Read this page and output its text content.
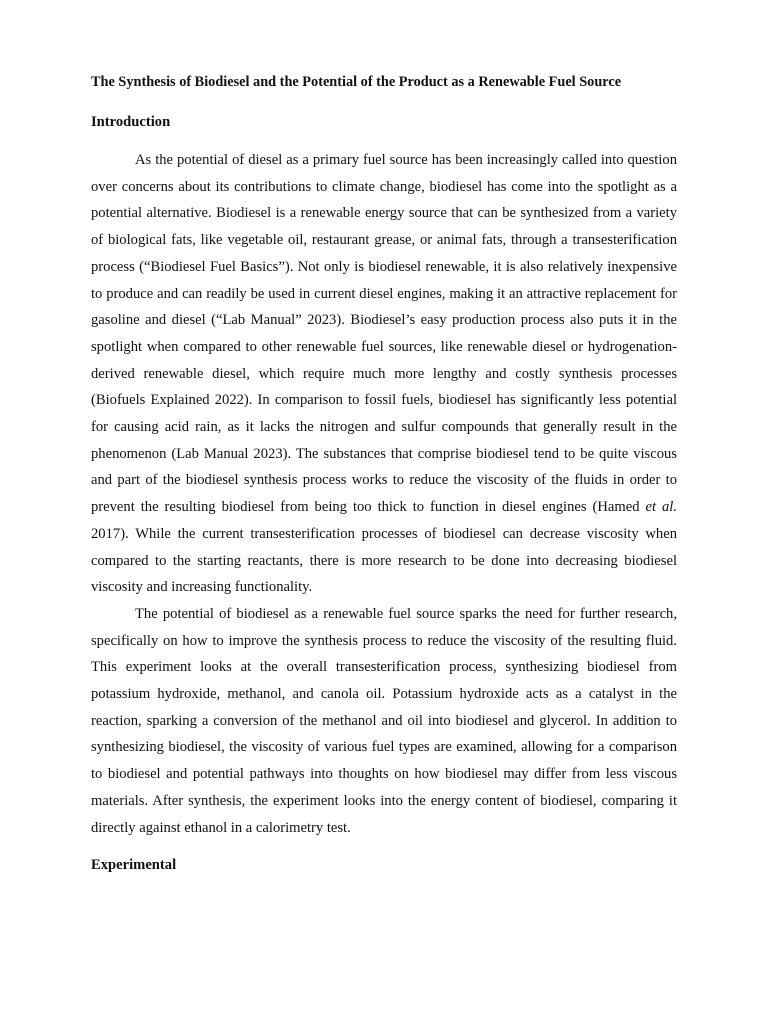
The Synthesis of Biodiesel and the Potential of the Product as a Renewable Fuel Source

Introduction

As the potential of diesel as a primary fuel source has been increasingly called into question over concerns about its contributions to climate change, biodiesel has come into the spotlight as a potential alternative. Biodiesel is a renewable energy source that can be synthesized from a variety of biological fats, like vegetable oil, restaurant grease, or animal fats, through a transesterification process (“Biodiesel Fuel Basics”). Not only is biodiesel renewable, it is also relatively inexpensive to produce and can readily be used in current diesel engines, making it an attractive replacement for gasoline and diesel (“Lab Manual” 2023). Biodiesel’s easy production process also puts it in the spotlight when compared to other renewable fuel sources, like renewable diesel or hydrogenation-derived renewable diesel, which require much more lengthy and costly synthesis processes (Biofuels Explained 2022). In comparison to fossil fuels, biodiesel has significantly less potential for causing acid rain, as it lacks the nitrogen and sulfur compounds that generally result in the phenomenon (Lab Manual 2023). The substances that comprise biodiesel tend to be quite viscous and part of the biodiesel synthesis process works to reduce the viscosity of the fluids in order to prevent the resulting biodiesel from being too thick to function in diesel engines (Hamed et al. 2017). While the current transesterification processes of biodiesel can decrease viscosity when compared to the starting reactants, there is more research to be done into decreasing biodiesel viscosity and increasing functionality.

The potential of biodiesel as a renewable fuel source sparks the need for further research, specifically on how to improve the synthesis process to reduce the viscosity of the resulting fluid. This experiment looks at the overall transesterification process, synthesizing biodiesel from potassium hydroxide, methanol, and canola oil. Potassium hydroxide acts as a catalyst in the reaction, sparking a conversion of the methanol and oil into biodiesel and glycerol. In addition to synthesizing biodiesel, the viscosity of various fuel types are examined, allowing for a comparison to biodiesel and potential pathways into thoughts on how biodiesel may differ from less viscous materials. After synthesis, the experiment looks into the energy content of biodiesel, comparing it directly against ethanol in a calorimetry test.

Experimental
